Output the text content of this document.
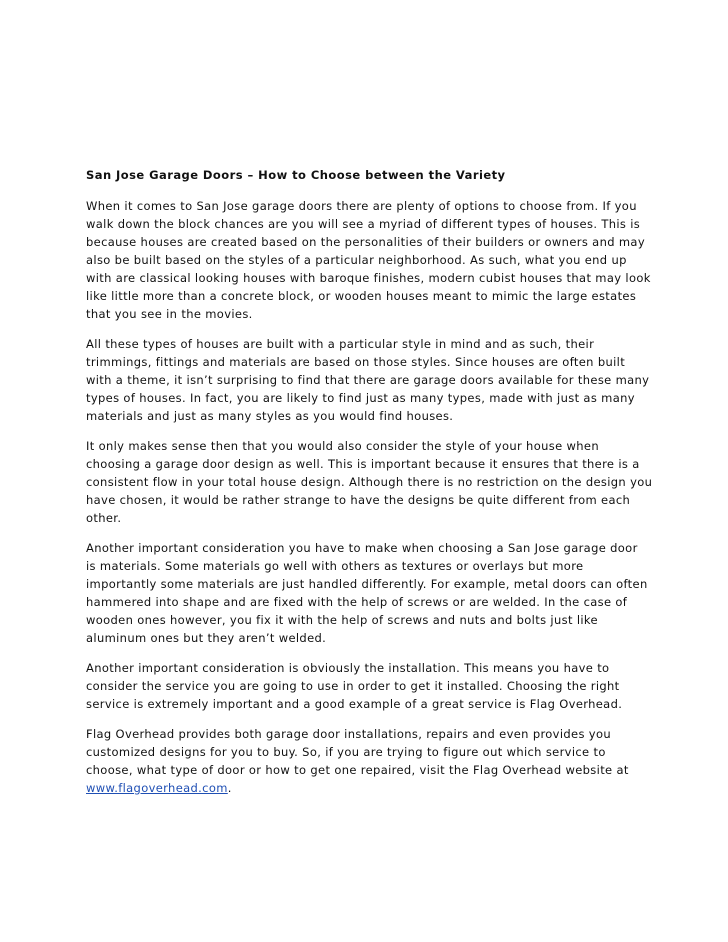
San Jose Garage Doors – How to Choose between the Variety
When it comes to San Jose garage doors there are plenty of options to choose from. If you
walk down the block chances are you will see a myriad of different types of houses. This is
because houses are created based on the personalities of their builders or owners and may
also be built based on the styles of a particular neighborhood. As such, what you end up
with are classical looking houses with baroque finishes, modern cubist houses that may look
like little more than a concrete block, or wooden houses meant to mimic the large estates
that you see in the movies.
All these types of houses are built with a particular style in mind and as such, their
trimmings, fittings and materials are based on those styles. Since houses are often built
with a theme, it isn’t surprising to find that there are garage doors available for these many
types of houses. In fact, you are likely to find just as many types, made with just as many
materials and just as many styles as you would find houses.
It only makes sense then that you would also consider the style of your house when
choosing a garage door design as well. This is important because it ensures that there is a
consistent flow in your total house design. Although there is no restriction on the design you
have chosen, it would be rather strange to have the designs be quite different from each
other.
Another important consideration you have to make when choosing a San Jose garage door
is materials. Some materials go well with others as textures or overlays but more
importantly some materials are just handled differently. For example, metal doors can often
hammered into shape and are fixed with the help of screws or are welded. In the case of
wooden ones however, you fix it with the help of screws and nuts and bolts just like
aluminum ones but they aren’t welded.
Another important consideration is obviously the installation. This means you have to
consider the service you are going to use in order to get it installed. Choosing the right
service is extremely important and a good example of a great service is Flag Overhead.
Flag Overhead provides both garage door installations, repairs and even provides you
customized designs for you to buy. So, if you are trying to figure out which service to
choose, what type of door or how to get one repaired, visit the Flag Overhead website at
www.flagoverhead.com.
